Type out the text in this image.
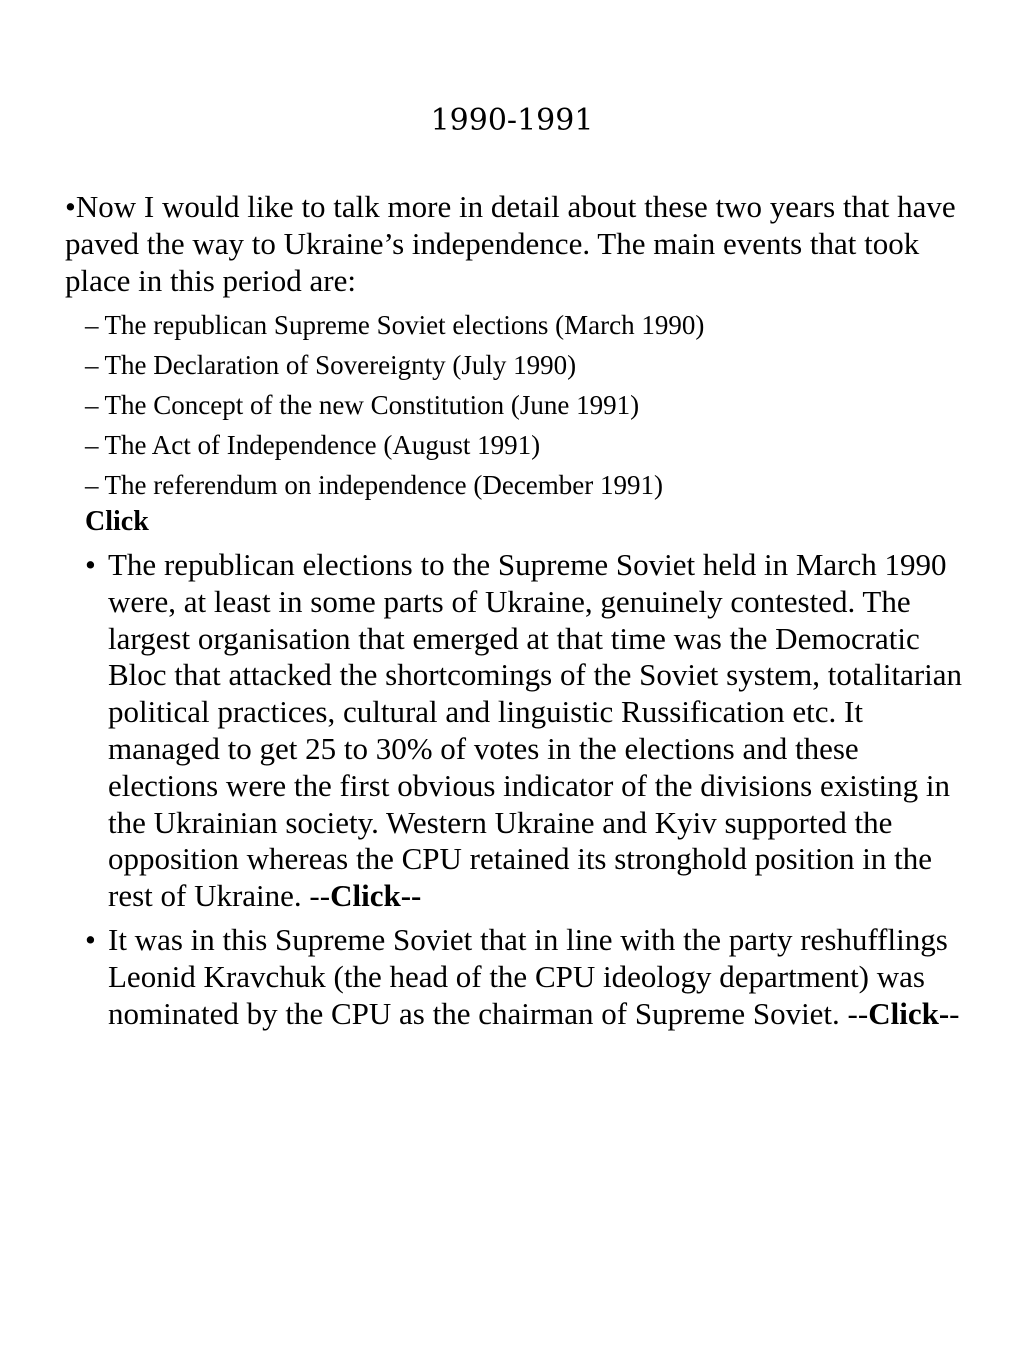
1990-1991
•Now I would like to talk more in detail about these two years that have paved the way to Ukraine’s independence. The main events that took place in this period are:
– The republican Supreme Soviet elections (March 1990)
– The Declaration of Sovereignty (July 1990)
– The Concept of the new Constitution (June 1991)
– The Act of Independence (August 1991)
– The referendum on independence (December 1991)
Click
• The republican elections to the Supreme Soviet held in March 1990 were, at least in some parts of Ukraine, genuinely contested. The largest organisation that emerged at that time was the Democratic Bloc that attacked the shortcomings of the Soviet system, totalitarian political practices, cultural and linguistic Russification etc. It managed to get 25 to 30% of votes in the elections and these elections were the first obvious indicator of the divisions existing in the Ukrainian society. Western Ukraine and Kyiv supported the opposition whereas the CPU retained its stronghold position in the rest of Ukraine. --Click--
• It was in this Supreme Soviet that in line with the party reshufflings Leonid Kravchuk (the head of the CPU ideology department) was nominated by the CPU as the chairman of Supreme Soviet. --Click--
